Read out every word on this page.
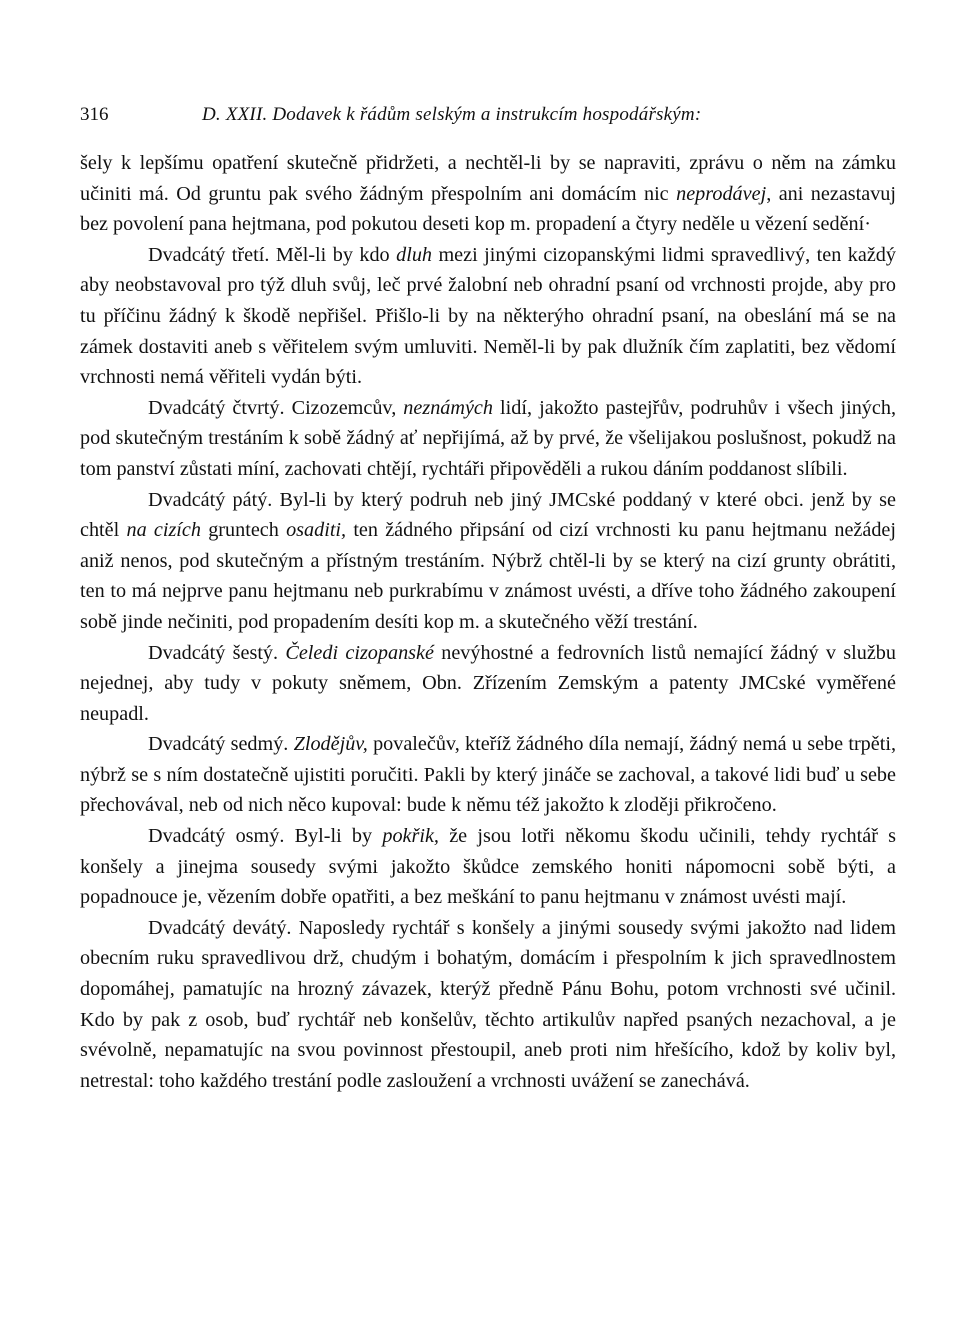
316	D. XXII. Dodavek k řádům selským a instrukcím hospodářským:

šely k lepšímu opatření skutečně přidržeti, a nechtěl-li by se napraviti, zprávu o něm na zámku učiniti má. Od gruntu pak svého žádným přespolním ani domácím nic neprodávej, ani nezastavuj bez povolení pana hejtmana, pod pokutou deseti kop m. propadení a čtyry neděle u vězení sedění·

Dvadcátý třetí. Měl-li by kdo dluh mezi jinými cizopanskými lidmi spravedlivý, ten každý aby neobstavoval pro týž dluh svůj, leč prvé žalobní neb ohradní psaní od vrchnosti projde, aby pro tu příčinu žádný k škodě nepřišel. Přišlo-li by na některýho ohradní psaní, na obeslání má se na zámek dostaviti aneb s věřitelem svým umluviti. Neměl-li by pak dlužník čím zaplatiti, bez vědomí vrchnosti nemá věřiteli vydán býti.

Dvadcátý čtvrtý. Cizozemcův, neznámých lidí, jakožto pastejřův, podruhův i všech jiných, pod skutečným trestáním k sobě žádný ať nepřijímá, až by prvé, že všelijakou poslušnost, pokudž na tom panství zůstati míní, zachovati chtějí, rychtáři připověděli a rukou dáním poddanost slíbili.

Dvadcátý pátý. Byl-li by který podruh neb jiný JMCské poddaný v které obci. jenž by se chtěl na cizích gruntech osaditi, ten žádného připsání od cizí vrchnosti ku panu hejtmanu nežádej aniž nenos, pod skutečným a přístným trestáním. Nýbrž chtěl-li by se který na cizí grunty obrátiti, ten to má nejprve panu hejtmanu neb purkrabímu v známost uvésti, a dříve toho žádného zakoupení sobě jinde nečiniti, pod propadením desíti kop m. a skutečného věží trestání.

Dvadcátý šestý. Čeledi cizopanské nevýhostné a fedrovních listů nemající žádný v službu nejednej, aby tudy v pokuty sněmem, Obn. Zřízením Zemským a patenty JMCské vyměřené neupadl.

Dvadcátý sedmý. Zlodějův, povalečův, kteříž žádného díla nemají, žádný nemá u sebe trpěti, nýbrž se s ním dostatečně ujistiti poručiti. Pakli by který jináče se zachoval, a takové lidi buď u sebe přechovával, neb od nich něco kupoval: bude k němu též jakožto k zloději přikročeno.

Dvadcátý osmý. Byl-li by pokřik, že jsou lotři někomu škodu učinili, tehdy rychtář s konšely a jinejma sousedy svými jakožto škůdce zemského honiti nápomocni sobě býti, a popadnouce je, vězením dobře opatřiti, a bez meškání to panu hejtmanu v známost uvésti mají.

Dvadcátý devátý. Naposledy rychtář s konšely a jinými sousedy svými jakožto nad lidem obecním ruku spravedlivou drž, chudým i bohatým, domácím i přespolním k jich spravedlnostem dopomáhej, pamatujíc na hrozný závazek, kterýž předně Pánu Bohu, potom vrchnosti své učinil. Kdo by pak z osob, buď rychtář neb konšelův, těchto artikulův napřed psaných nezachoval, a je svévolně, nepamatujíc na svou povinnost přestoupil, aneb proti nim hřešícího, kdož by koliv byl, netrestal: toho každého trestání podle zasloužení a vrchnosti uvážení se zanechává.
